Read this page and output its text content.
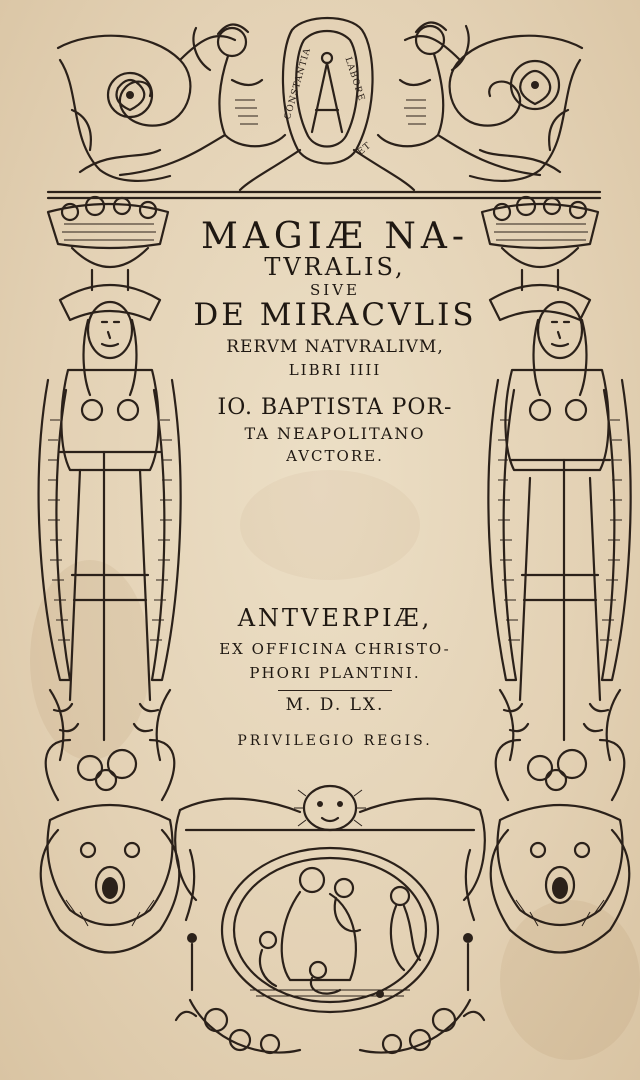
CONSTANTIA	LABORE
ET
MAGIÆ NA-
TVRALIS,
SIVE
DE MIRACVLIS
RERVM NATVRALIVM,
LIBRI IIII
IO. BAPTISTA POR-
TA NEAPOLITANO
AVCTORE.
ANTVERPIÆ,
EX OFFICINA CHRISTO-
PHORI PLANTINI.
M. D. LX.
PRIVILEGIO REGIS.
